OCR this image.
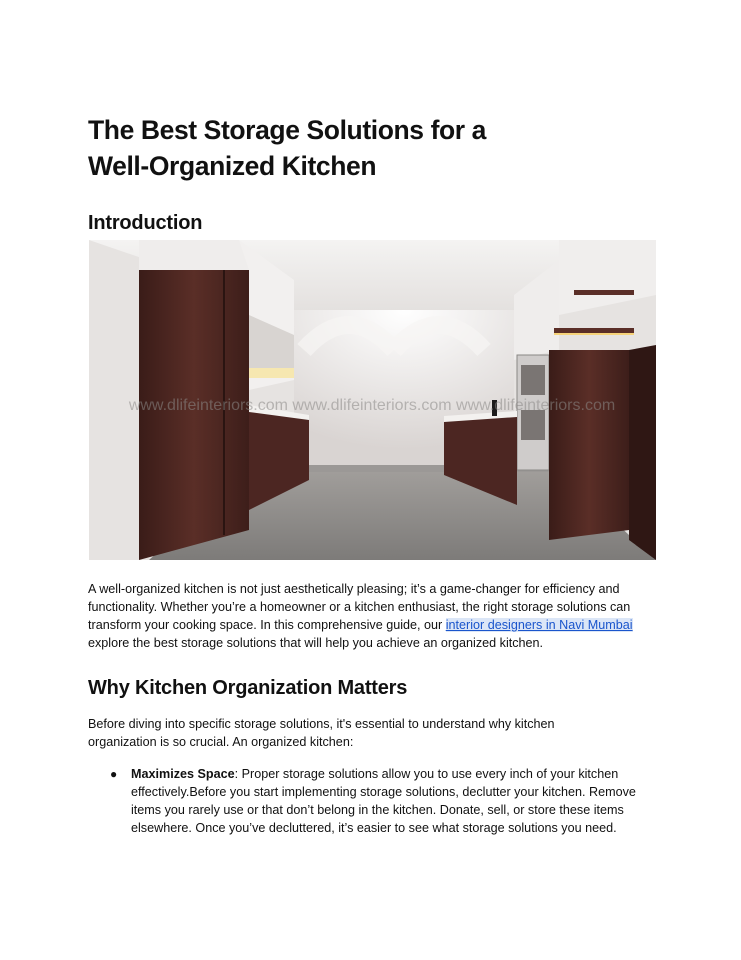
The Best Storage Solutions for a
Well-Organized Kitchen
Introduction
www.dlifeinteriors.com www.dlifeinteriors.com www.dlifeinteriors.com

A well-organized kitchen is not just aesthetically pleasing; it’s a game-changer for efficiency and functionality. Whether you’re a homeowner or a kitchen enthusiast, the right storage solutions can transform your cooking space. In this comprehensive guide, our interior designers in Navi Mumbai explore the best storage solutions that will help you achieve an organized kitchen.

Why Kitchen Organization Matters

Before diving into specific storage solutions, it's essential to understand why kitchen organization is so crucial. An organized kitchen:

● Maximizes Space: Proper storage solutions allow you to use every inch of your kitchen effectively.Before you start implementing storage solutions, declutter your kitchen. Remove items you rarely use or that don’t belong in the kitchen. Donate, sell, or store these items elsewhere. Once you’ve decluttered, it’s easier to see what storage solutions you need.
